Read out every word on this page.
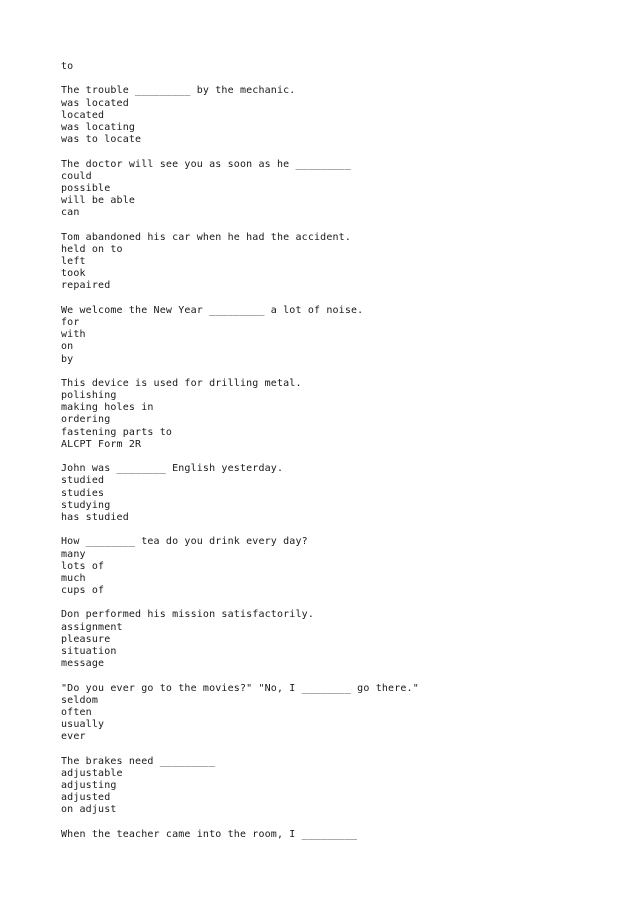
to
The trouble _________ by the mechanic.
was located
located
was locating
was to locate
The doctor will see you as soon as he _________
could
possible
will be able
can
Tom abandoned his car when he had the accident.
held on to
left
took
repaired
We welcome the New Year _________ a lot of noise.
for
with
on
by
This device is used for drilling metal.
polishing
making holes in
ordering
fastening parts to
ALCPT Form 2R
John was ________ English yesterday.
studied
studies
studying
has studied
How ________ tea do you drink every day?
many
lots of
much
cups of
Don performed his mission satisfactorily.
assignment
pleasure
situation
message
"Do you ever go to the movies?" "No, I ________ go there."
seldom
often
usually
ever
The brakes need _________
adjustable
adjusting
adjusted
on adjust
When the teacher came into the room, I _________
